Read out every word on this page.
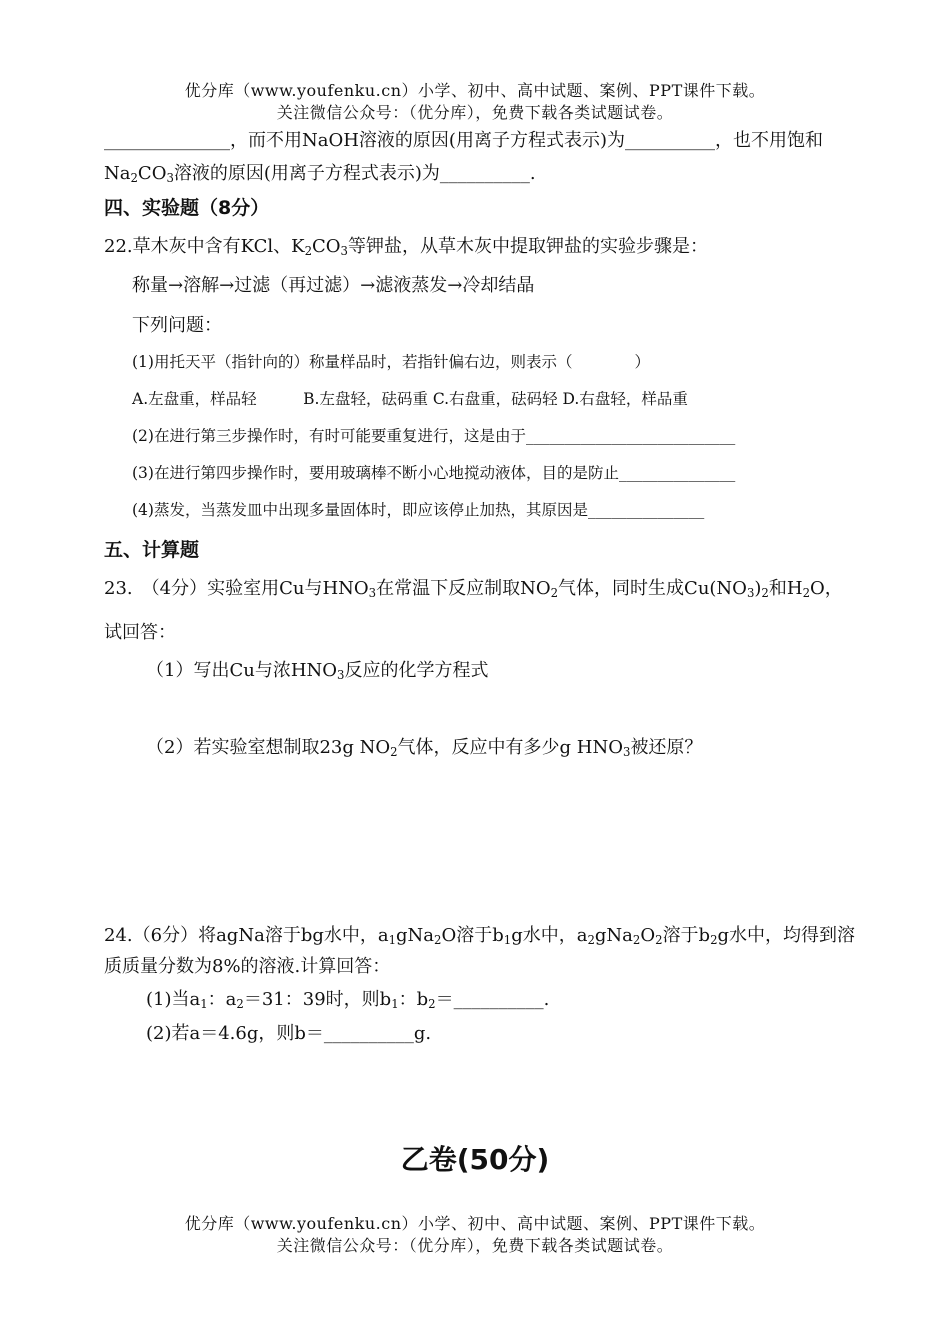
优分库（www.youfenku.cn）小学、初中、高中试题、案例、PPT课件下载。
关注微信公众号：（优分库），免费下载各类试题试卷。
______________，而不用NaOH溶液的原因(用离子方程式表示)为__________，也不用饱和
$Na_2CO_3$溶液的原因(用离子方程式表示)为__________.
四、实验题（8分）
22.草木灰中含有KCl、$K_2CO_3$等钾盐，从草木灰中提取钾盐的实验步骤是：
称量→溶解→过滤（再过滤）→滤液蒸发→冷却结晶
下列问题：
(1)用托天平（指针向的）称量样品时，若指针偏右边，则表示（　　　　）
A.左盘重，样品轻　　　B.左盘轻，砝码重 C.右盘重，砝码轻 D.右盘轻，样品重
(2)在进行第三步操作时，有时可能要重复进行，这是由于___________________________
(3)在进行第四步操作时，要用玻璃棒不断小心地搅动液体，目的是防止_______________
(4)蒸发，当蒸发皿中出现多量固体时，即应该停止加热，其原因是_______________
五、计算题
23.　（4分）实验室用Cu与$HNO_3$在常温下反应制取$NO_2$气体，同时生成$Cu(NO_3)_2$和$H_2O$，
试回答：
（1）写出Cu与浓$HNO_3$反应的化学方程式
（2）若实验室想制取23g $NO_2$气体，反应中有多少g $HNO_3$被还原？
24.（6分）将agNa溶于bg水中，$a_1gNa_2O$溶于$b_1g$水中，$a_2gNa_2O_2$溶于$b_2g$水中，均得到溶
质质量分数为8%的溶液.计算回答：
(1)当$a_1$：$a_2=31$：39时，则$b_1$：$b_2=\_\_\_\_\_\_\_\_\_\_$.
(2)若a＝4.6g，则b＝__________g.
乙卷(50分)
优分库（www.youfenku.cn）小学、初中、高中试题、案例、PPT课件下载。
关注微信公众号：（优分库），免费下载各类试题试卷。
